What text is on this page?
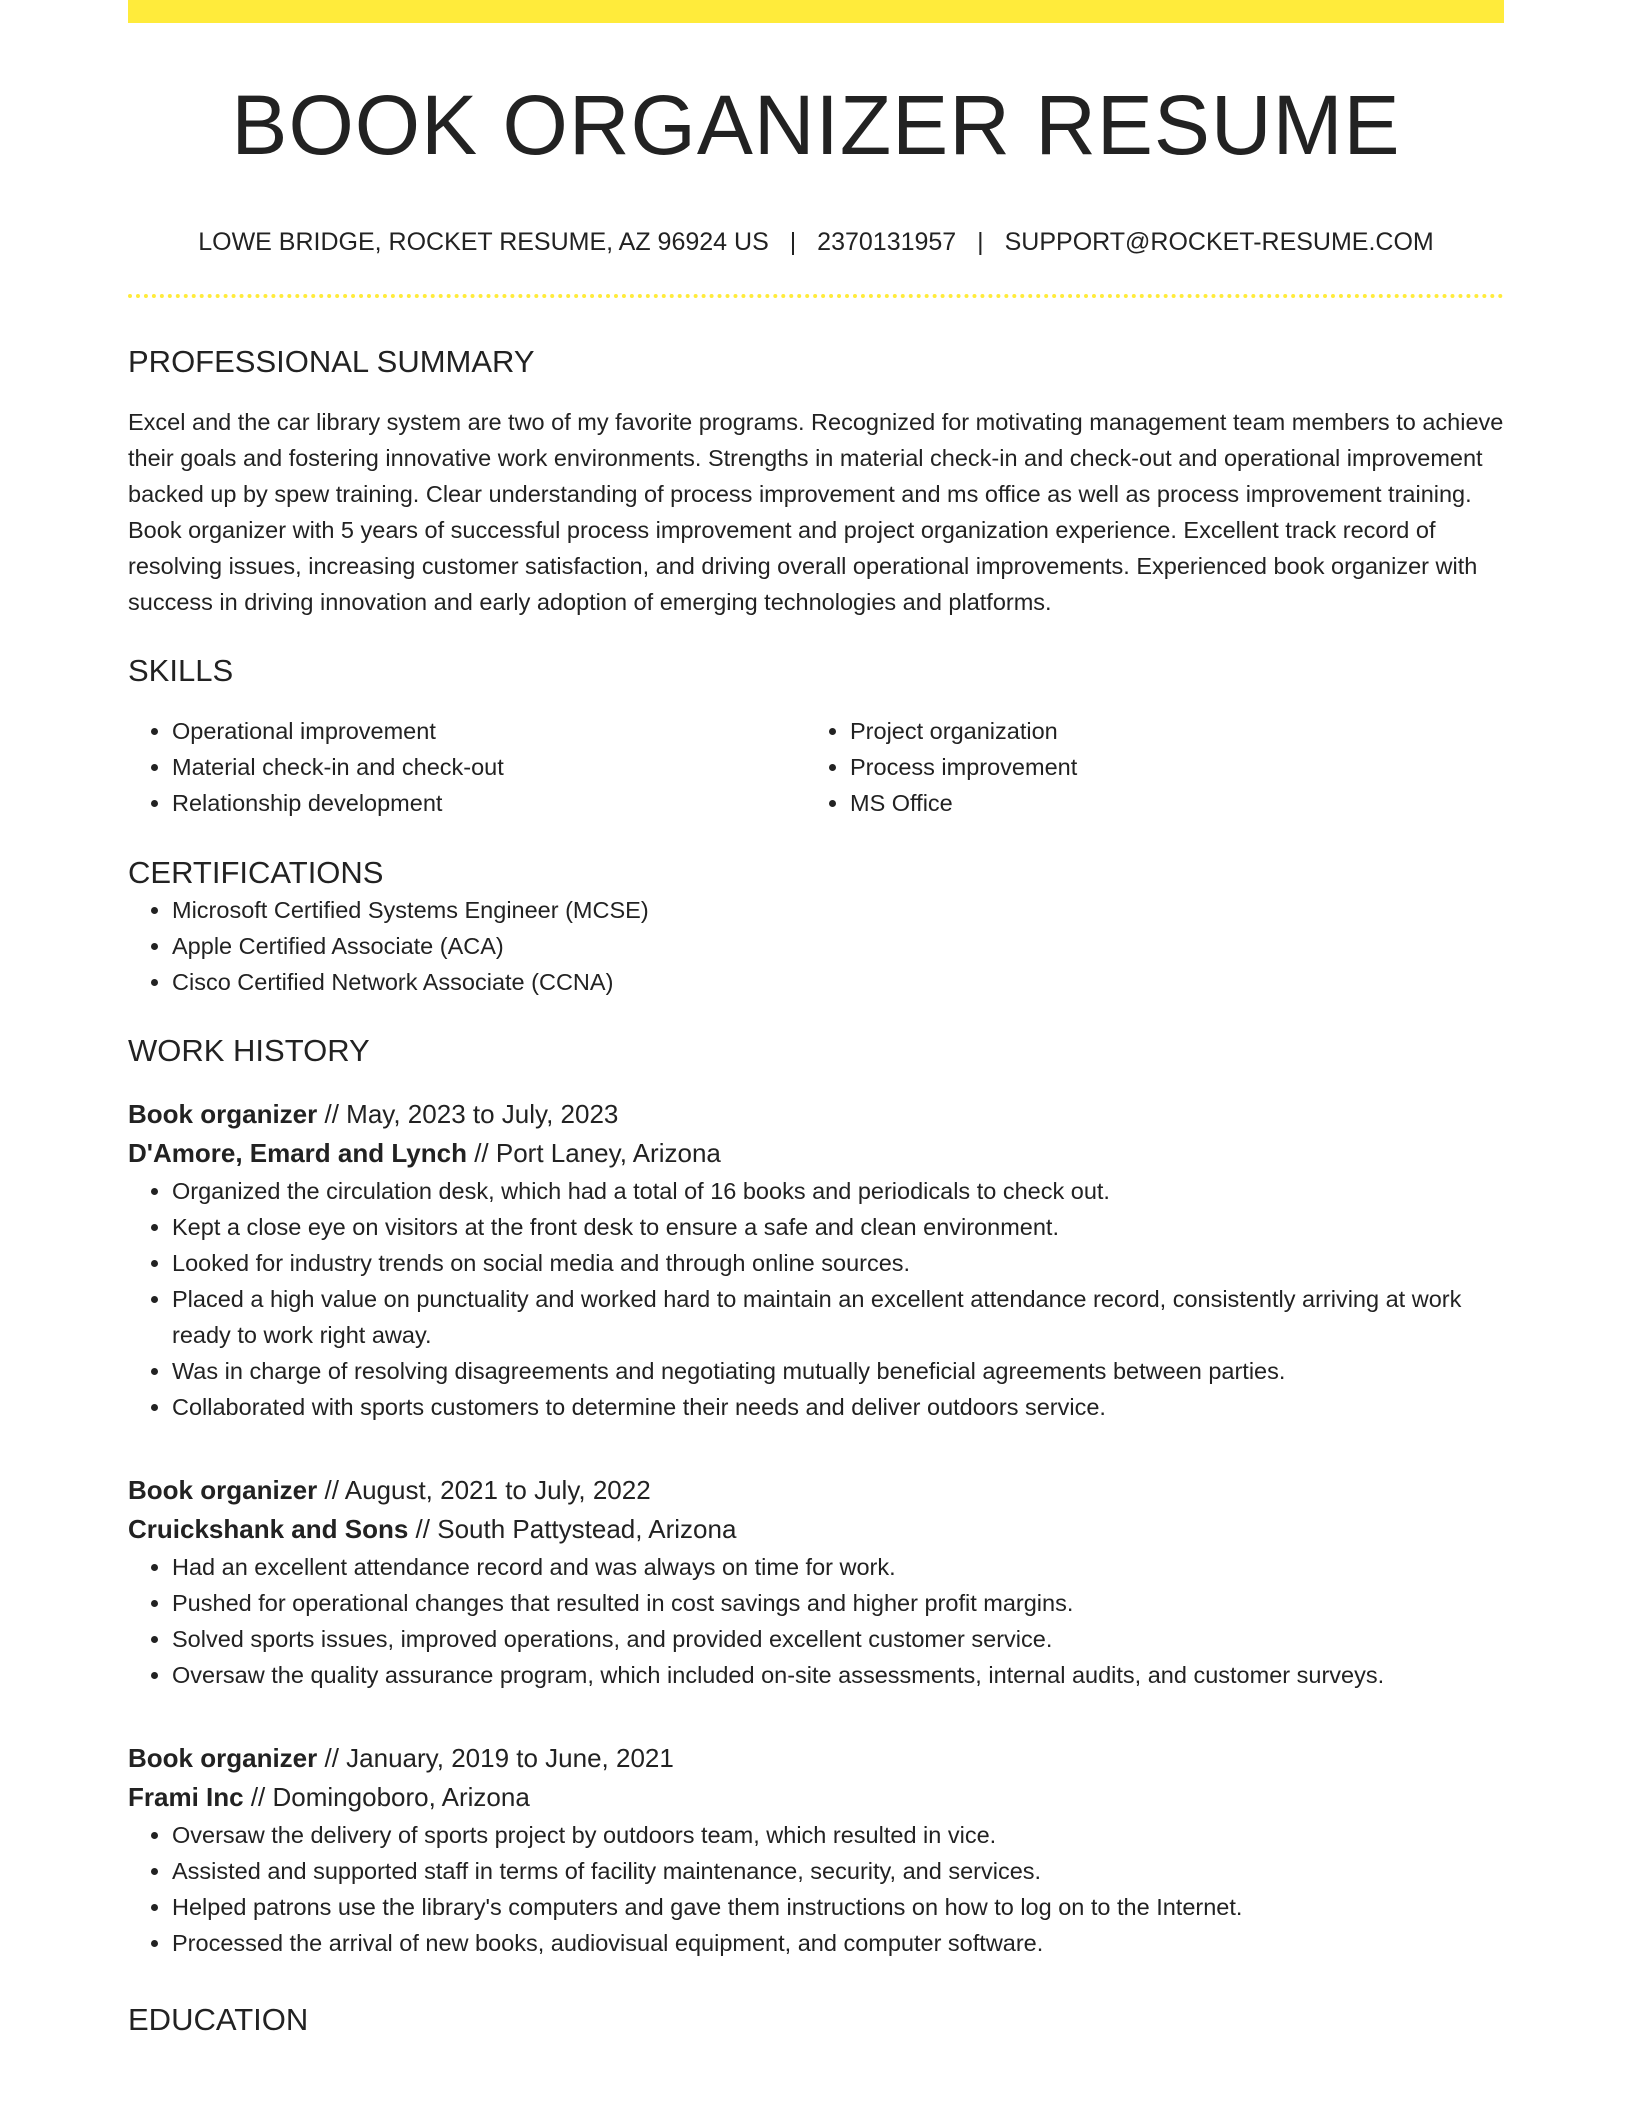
BOOK ORGANIZER RESUME
LOWE BRIDGE, ROCKET RESUME, AZ 96924 US | 2370131957 | SUPPORT@ROCKET-RESUME.COM
PROFESSIONAL SUMMARY
Excel and the car library system are two of my favorite programs. Recognized for motivating management team members to achieve their goals and fostering innovative work environments. Strengths in material check-in and check-out and operational improvement backed up by spew training. Clear understanding of process improvement and ms office as well as process improvement training. Book organizer with 5 years of successful process improvement and project organization experience. Excellent track record of resolving issues, increasing customer satisfaction, and driving overall operational improvements. Experienced book organizer with success in driving innovation and early adoption of emerging technologies and platforms.
SKILLS
• Operational improvement
• Material check-in and check-out
• Relationship development
• Project organization
• Process improvement
• MS Office
CERTIFICATIONS
• Microsoft Certified Systems Engineer (MCSE)
• Apple Certified Associate (ACA)
• Cisco Certified Network Associate (CCNA)
WORK HISTORY
Book organizer // May, 2023 to July, 2023
D'Amore, Emard and Lynch // Port Laney, Arizona
• Organized the circulation desk, which had a total of 16 books and periodicals to check out.
• Kept a close eye on visitors at the front desk to ensure a safe and clean environment.
• Looked for industry trends on social media and through online sources.
• Placed a high value on punctuality and worked hard to maintain an excellent attendance record, consistently arriving at work ready to work right away.
• Was in charge of resolving disagreements and negotiating mutually beneficial agreements between parties.
• Collaborated with sports customers to determine their needs and deliver outdoors service.
Book organizer // August, 2021 to July, 2022
Cruickshank and Sons // South Pattystead, Arizona
• Had an excellent attendance record and was always on time for work.
• Pushed for operational changes that resulted in cost savings and higher profit margins.
• Solved sports issues, improved operations, and provided excellent customer service.
• Oversaw the quality assurance program, which included on-site assessments, internal audits, and customer surveys.
Book organizer // January, 2019 to June, 2021
Frami Inc // Domingoboro, Arizona
• Oversaw the delivery of sports project by outdoors team, which resulted in vice.
• Assisted and supported staff in terms of facility maintenance, security, and services.
• Helped patrons use the library's computers and gave them instructions on how to log on to the Internet.
• Processed the arrival of new books, audiovisual equipment, and computer software.
EDUCATION
